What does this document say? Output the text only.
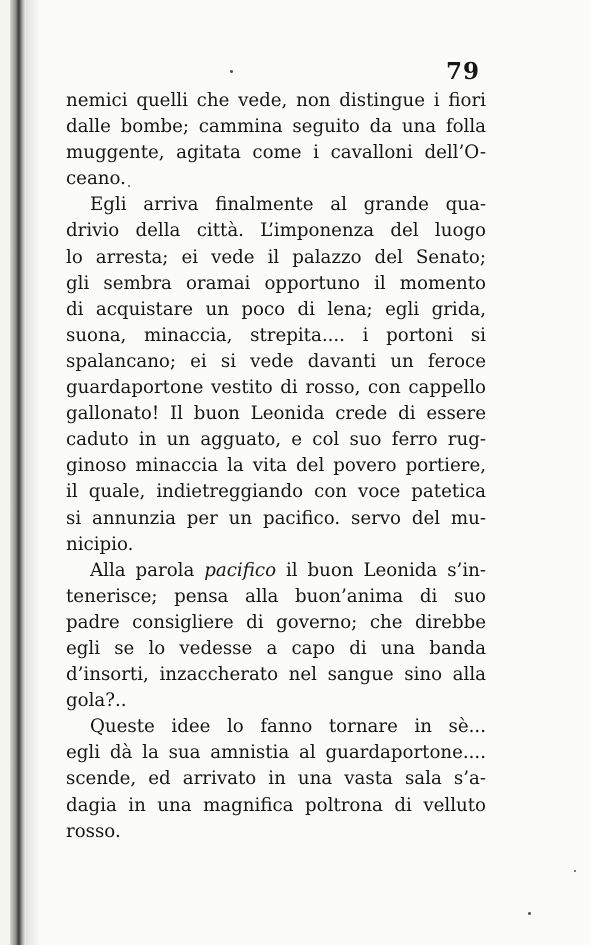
79
nemici quelli che vede, non distingue i fiori
dalle bombe; cammina seguito da una folla
muggente, agitata come i cavalloni dell’O-
ceano.
Egli arriva finalmente al grande qua-
drivio della città. L’imponenza del luogo
lo arresta; ei vede il palazzo del Senato;
gli sembra oramai opportuno il momento
di acquistare un poco di lena; egli grida,
suona, minaccia, strepita.... i portoni si
spalancano; ei si vede davanti un feroce
guardaportone vestito di rosso, con cappello
gallonato! Il buon Leonida crede di essere
caduto in un agguato, e col suo ferro rug-
ginoso minaccia la vita del povero portiere,
il quale, indietreggiando con voce patetica
si annunzia per un pacifico. servo del mu-
nicipio.
Alla parola pacifico il buon Leonida s’in-
tenerisce; pensa alla buon’anima di suo
padre consigliere di governo; che direbbe
egli se lo vedesse a capo di una banda
d’insorti, inzaccherato nel sangue sino alla
gola?..
Queste idee lo fanno tornare in sè...
egli dà la sua amnistia al guardaportone....
scende, ed arrivato in una vasta sala s’a-
dagia in una magnifica poltrona di velluto
rosso.
